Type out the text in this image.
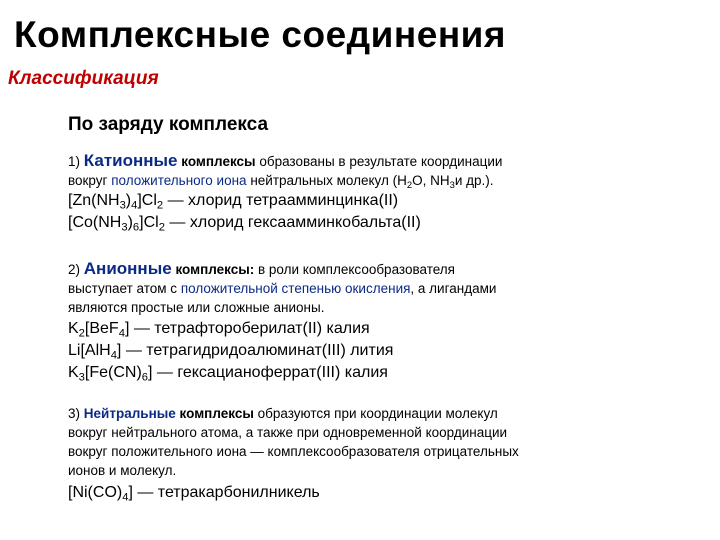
Комплексные соединения
Классификация
По заряду комплекса
1) Катионные комплексы образованы в результате координации
вокруг положительного иона нейтральных молекул ($H_2O$, $NH_3и$ др.).
$[Zn(NH_3)_4]Cl_2$ — хлорид тетраамминцинка(II)
$[Co(NH_3)_6]Cl_2$ — хлорид гексаамминкобальта(II)
2) Анионные комплексы: в роли комплексообразователя
выступает атом с положительной степенью окисления, а лигандами
являются простые или сложные анионы.
$K_2[BeF_4]$ — тетрафтороберилат(II) калия
Li[AlH$_4$] — тетрагидридоалюминат(III) лития
$K_3[Fe(CN)_6]$ — гексацианоферрат(III) калия
3) Нейтральные комплексы образуются при координации молекул
вокруг нейтрального атома, а также при одновременной координации
вокруг положительного иона — комплексообразователя отрицательных
ионов и молекул.
$[Ni(CO)_4]$ — тетракарбонилникель
